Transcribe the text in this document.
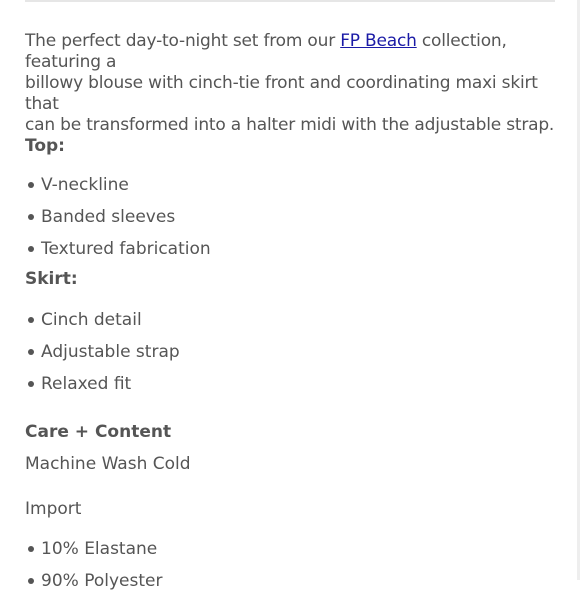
The perfect day-to-night set from our FP Beach collection, featuring a
billowy blouse with cinch-tie front and coordinating maxi skirt that
can be transformed into a halter midi with the adjustable strap.

Top:

V-neckline
Banded sleeves
Textured fabrication

Skirt:

Cinch detail
Adjustable strap
Relaxed fit

Care + Content

Machine Wash Cold

Import

10% Elastane
90% Polyester
